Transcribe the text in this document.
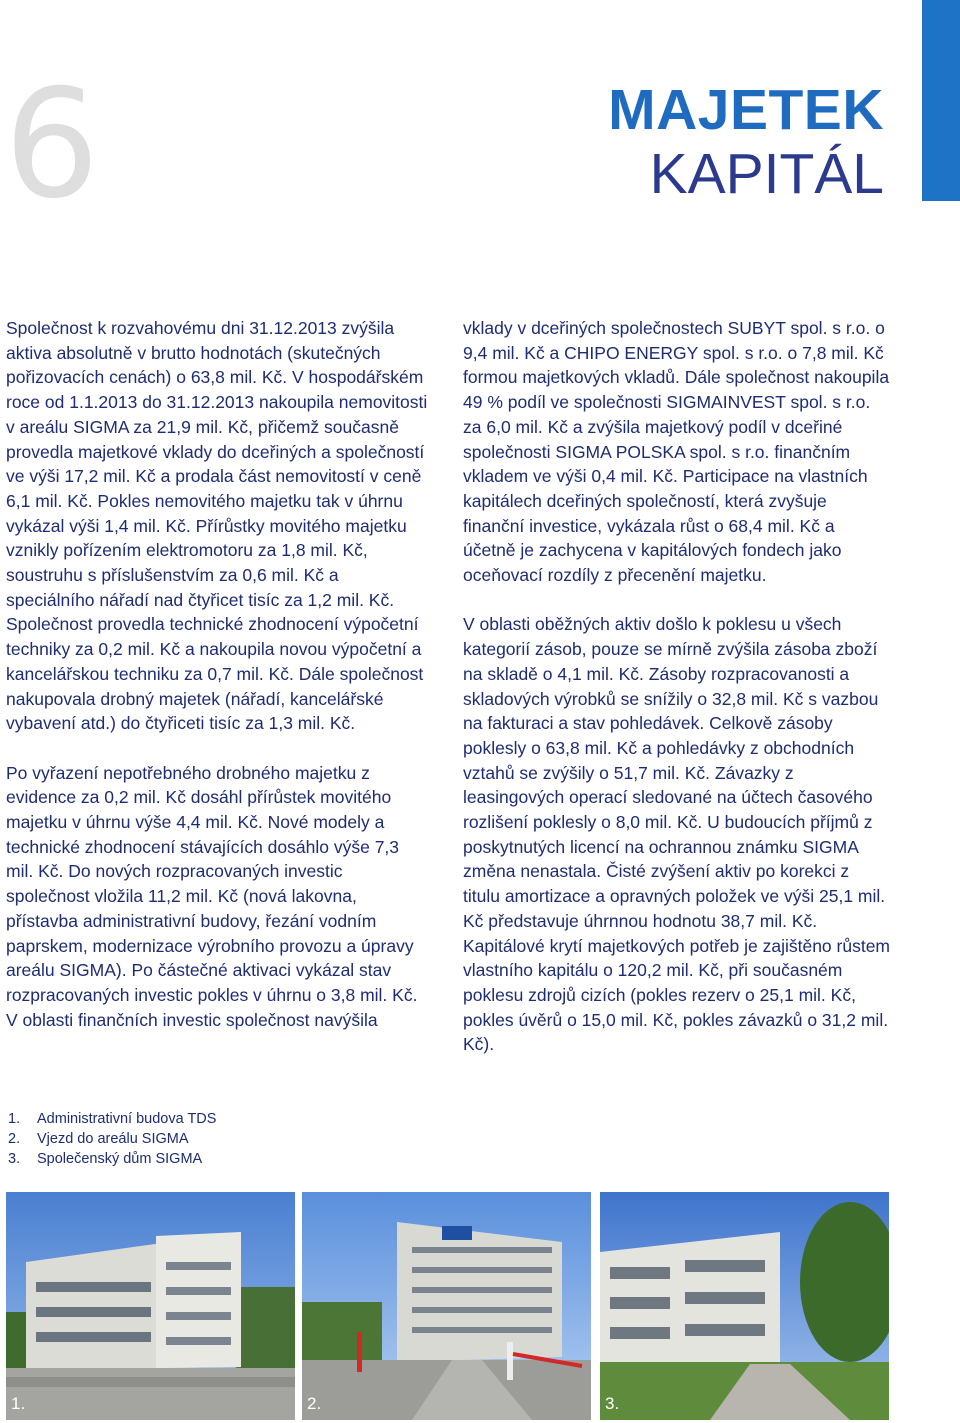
6	MAJETEK
KAPITÁL

Společnost k rozvahovému dni 31.12.2013 zvýšila aktiva absolutně v brutto hodnotách (skutečných pořizovacích cenách) o 63,8 mil. Kč. V hospodářském roce od 1.1.2013 do 31.12.2013 nakoupila nemovitosti v areálu SIGMA za 21,9 mil. Kč, přičemž současně provedla majetkové vklady do dceřiných a společností ve výši 17,2 mil. Kč a prodala část nemovitostí v ceně 6,1 mil. Kč. Pokles nemovitého majetku tak v úhrnu vykázal výši 1,4 mil. Kč. Přírůstky movitého majetku vznikly pořízením elektromotoru za 1,8 mil. Kč, soustruhu s příslušenstvím za 0,6 mil. Kč a speciálního nářadí nad čtyřicet tisíc za 1,2 mil. Kč. Společnost provedla technické zhodnocení výpočetní techniky za 0,2 mil. Kč a nakoupila novou výpočetní a kancelářskou techniku za 0,7 mil. Kč. Dále společnost nakupovala drobný majetek (nářadí, kancelářské vybavení atd.) do čtyřiceti tisíc za 1,3 mil. Kč.

Po vyřazení nepotřebného drobného majetku z evidence za 0,2 mil. Kč dosáhl přírůstek movitého majetku v úhrnu výše 4,4 mil. Kč. Nové modely a technické zhodnocení stávajících dosáhlo výše 7,3 mil. Kč. Do nových rozpracovaných investic společnost vložila 11,2 mil. Kč (nová lakovna, přístavba administrativní budovy, řezání vodním paprskem, modernizace výrobního provozu a úpravy areálu SIGMA). Po částečné aktivaci vykázal stav rozpracovaných investic pokles v úhrnu o 3,8 mil. Kč. V oblasti finančních investic společnost navýšila

vklady v dceřiných společnostech SUBYT spol. s r.o. o 9,4 mil. Kč a CHIPO ENERGY spol. s r.o. o 7,8 mil. Kč formou majetkových vkladů. Dále společnost nakoupila 49 % podíl ve společnosti SIGMAINVEST spol. s r.o. za 6,0 mil. Kč a zvýšila majetkový podíl v dceřiné společnosti SIGMA POLSKA spol. s r.o. finančním vkladem ve výši 0,4 mil. Kč. Participace na vlastních kapitálech dceřiných společností, která zvyšuje finanční investice, vykázala růst o 68,4 mil. Kč a účetně je zachycena v kapitálových fondech jako oceňovací rozdíly z přecenění majetku.

V oblasti oběžných aktiv došlo k poklesu u všech kategorií zásob, pouze se mírně zvýšila zásoba zboží na skladě o 4,1 mil. Kč. Zásoby rozpracovanosti a skladových výrobků se snížily o 32,8 mil. Kč s vazbou na fakturaci a stav pohledávek. Celkově zásoby poklesly o 63,8 mil. Kč a pohledávky z obchodních vztahů se zvýšily o 51,7 mil. Kč. Závazky z leasingových operací sledované na účtech časového rozlišení poklesly o 8,0 mil. Kč. U budoucích příjmů z poskytnutých licencí na ochrannou známku SIGMA změna nenastala. Čisté zvýšení aktiv po korekci z titulu amortizace a opravných položek ve výši 25,1 mil. Kč představuje úhrnnou hodnotu 38,7 mil. Kč. Kapitálové krytí majetkových potřeb je zajištěno růstem vlastního kapitálu o 120,2 mil. Kč, při současném poklesu zdrojů cizích (pokles rezerv o 25,1 mil. Kč, pokles úvěrů o 15,0 mil. Kč, pokles závazků o 31,2 mil. Kč).

1. Administrativní budova TDS
2. Vjezd do areálu SIGMA
3. Společenský dům SIGMA
1.	2.	3.
